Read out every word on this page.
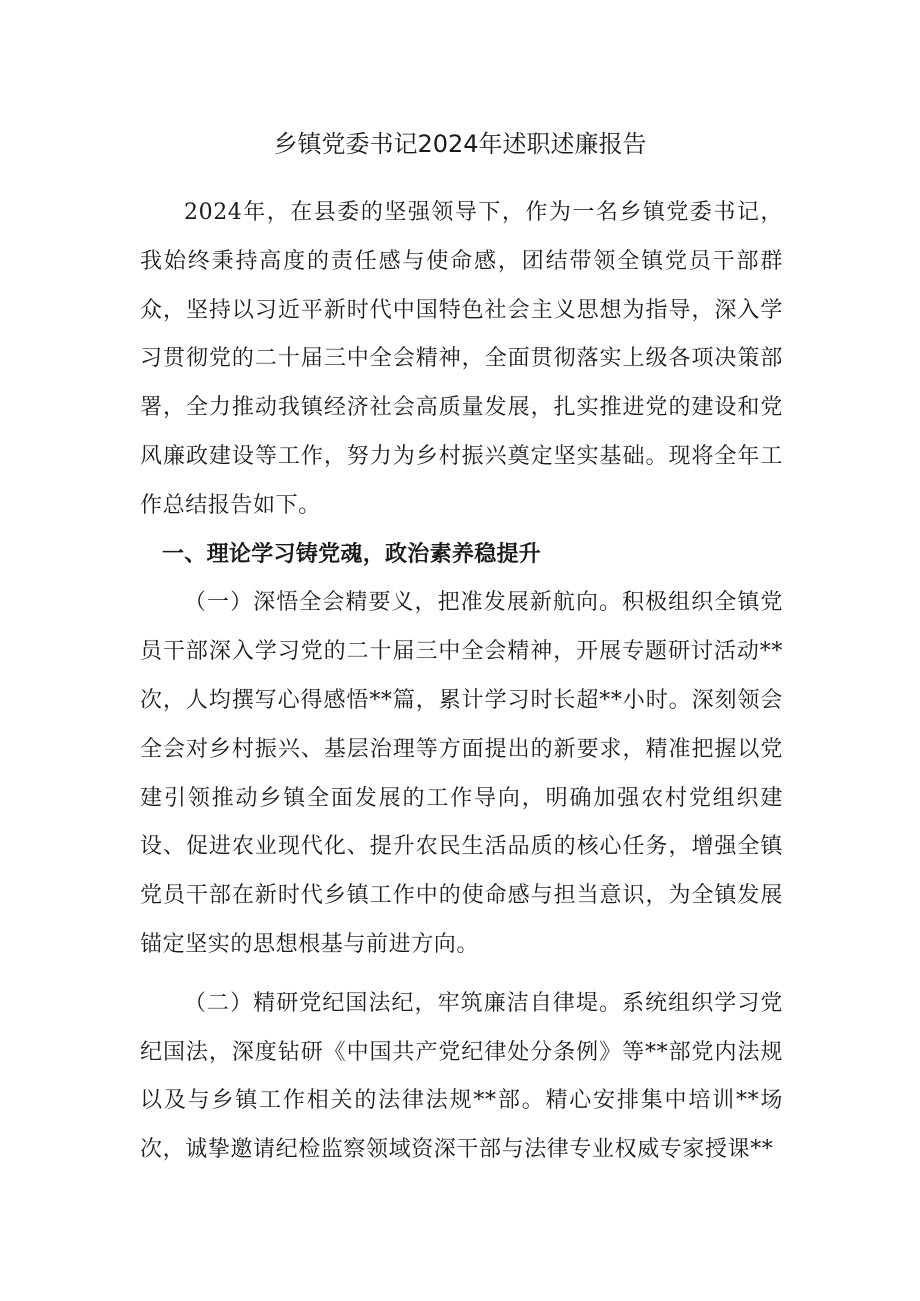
乡镇党委书记2024年述职述廉报告

2024年，在县委的坚强领导下，作为一名乡镇党委书记，我始终秉持高度的责任感与使命感，团结带领全镇党员干部群众，坚持以习近平新时代中国特色社会主义思想为指导，深入学习贯彻党的二十届三中全会精神，全面贯彻落实上级各项决策部署，全力推动我镇经济社会高质量发展，扎实推进党的建设和党风廉政建设等工作，努力为乡村振兴奠定坚实基础。现将全年工作总结报告如下。

一、理论学习铸党魂，政治素养稳提升

（一）深悟全会精要义，把准发展新航向。积极组织全镇党员干部深入学习党的二十届三中全会精神，开展专题研讨活动**次，人均撰写心得感悟**篇，累计学习时长超**小时。深刻领会全会对乡村振兴、基层治理等方面提出的新要求，精准把握以党建引领推动乡镇全面发展的工作导向，明确加强农村党组织建设、促进农业现代化、提升农民生活品质的核心任务，增强全镇党员干部在新时代乡镇工作中的使命感与担当意识，为全镇发展锚定坚实的思想根基与前进方向。

（二）精研党纪国法纪，牢筑廉洁自律堤。系统组织学习党纪国法，深度钻研《中国共产党纪律处分条例》等**部党内法规以及与乡镇工作相关的法律法规**部。精心安排集中培训**场次，诚挚邀请纪检监察领域资深干部与法律专业权威专家授课**
